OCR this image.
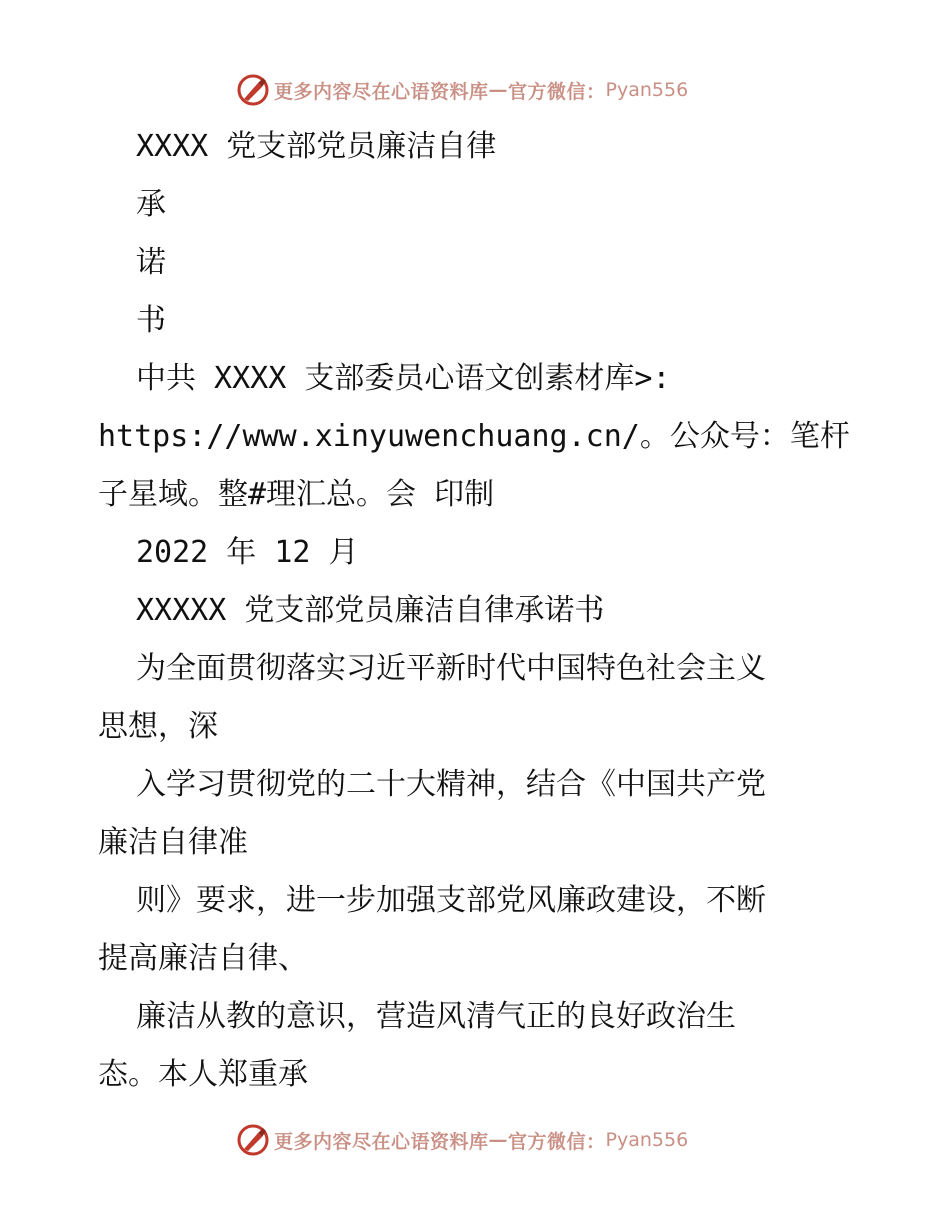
更多内容尽在心语资料库 — 官方微信： Pyan556
XXXX 党支部党员廉洁自律
承
诺
书
中共 XXXX 支部委员心语文创素材库>:
https://www.xinyuwenchuang.cn/。公众号：笔杆
子星域。整#理汇总。会 印制
2022 年 12 月
XXXXX 党支部党员廉洁自律承诺书
为全面贯彻落实习近平新时代中国特色社会主义
思想，深
入学习贯彻党的二十大精神，结合《中国共产党
廉洁自律准
则》要求，进一步加强支部党风廉政建设，不断
提高廉洁自律、
廉洁从教的意识，营造风清气正的良好政治生
态。本人郑重承
更多内容尽在心语资料库 — 官方微信： Pyan556
